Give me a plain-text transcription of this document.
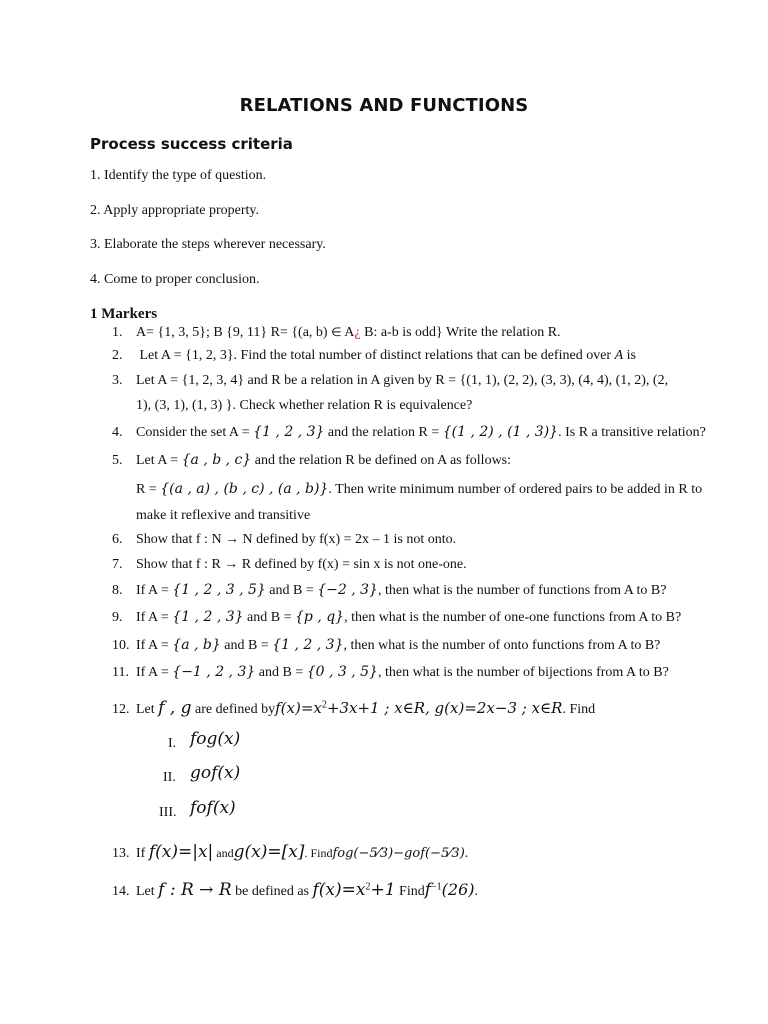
RELATIONS AND FUNCTIONS
Process success criteria
1. Identify the type of question.
2. Apply appropriate property.
3. Elaborate the steps wherever necessary.
4. Come to proper conclusion.
1 Markers
1. A= {1, 3, 5}; B {9, 11} R= {(a, b) ∈ A¿ B: a-b is odd} Write the relation R.
2. Let A = {1, 2, 3}. Find the total number of distinct relations that can be defined over A is
3. Let A = {1, 2, 3, 4} and R be a relation in A given by R = {(1, 1), (2, 2), (3, 3), (4, 4), (1, 2), (2,
1), (3, 1), (1, 3) }. Check whether relation R is equivalence?
4. Consider the set A = {1 , 2 , 3} and the relation R = {(1 , 2) , (1 , 3)}. Is R a transitive relation?
5. Let A = {a , b , c} and the relation R be defined on A as follows:
R = {(a , a) , (b , c) , (a , b)}. Then write minimum number of ordered pairs to be added in R to
make it reflexive and transitive
6. Show that f : N → N defined by f(x) = 2x – 1 is not onto.
7. Show that f : R → R defined by f(x) = sin x is not one-one.
8. If A = {1 , 2 , 3 , 5} and B = {−2 , 3}, then what is the number of functions from A to B?
9. If A = {1 , 2 , 3} and B = {p , q}, then what is the number of one-one functions from A to B?
10. If A = {a , b} and B = {1 , 2 , 3}, then what is the number of onto functions from A to B?
11. If A = {−1 , 2 , 3} and B = {0 , 3 , 5}, then what is the number of bijections from A to B?
12. Let f , g are defined $byf(x)=x^2+3x+1$ ; x∈R, g(x)=2x−3 ; x∈R. Find
I. fog(x)
II. gof(x)
III. fof(x)
13. If f(x)=|x| andg(x)=[x]. Findfog(−5⁄3)−gof(−5⁄3).
14. Let f : R → R be defined as $f(x)=x^2+1$ Findf$^{-1}$(26).
